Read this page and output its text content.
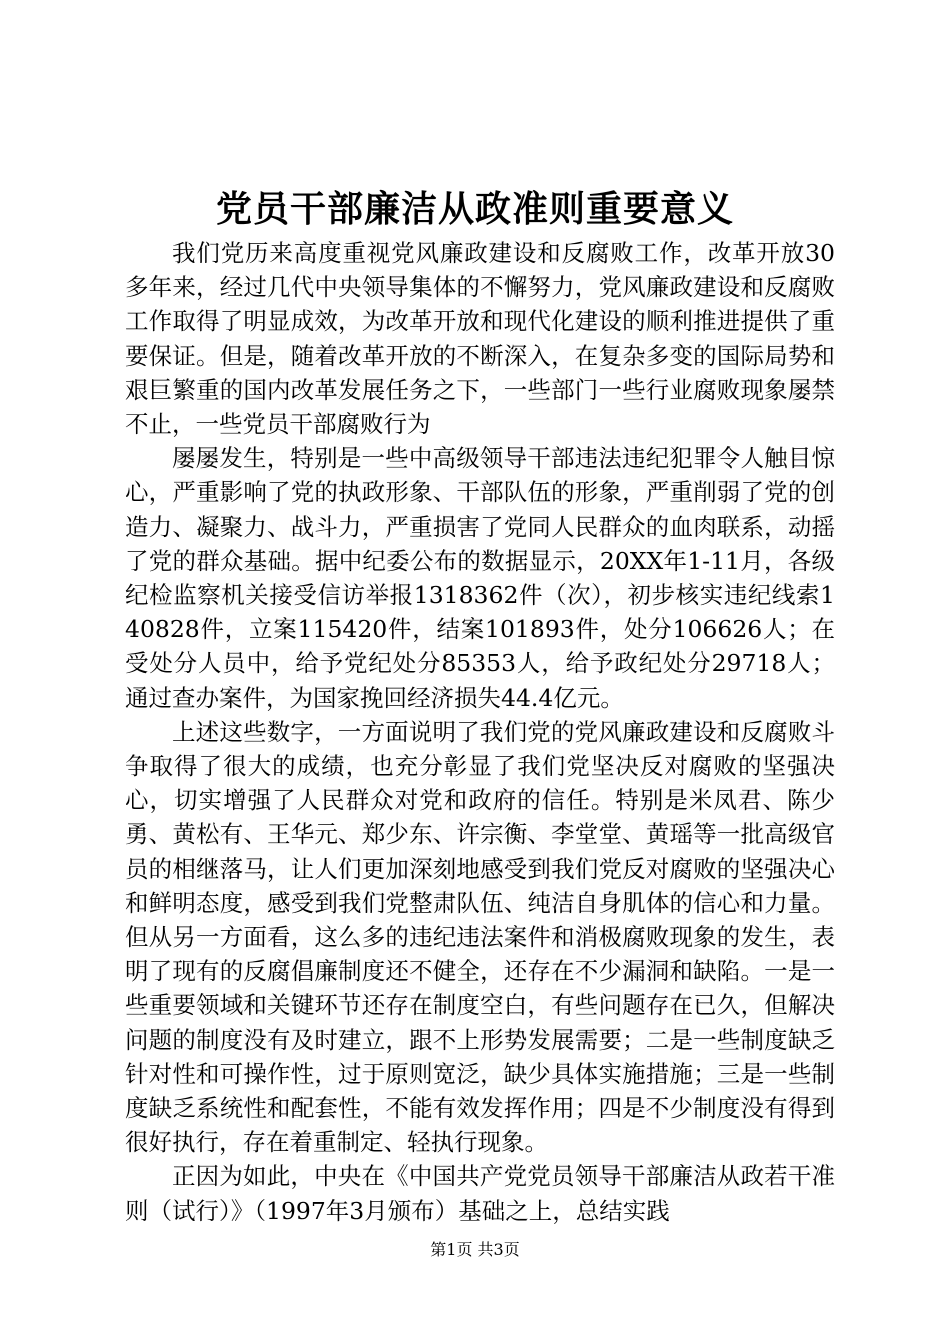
党员干部廉洁从政准则重要意义

我们党历来高度重视党风廉政建设和反腐败工作，改革开放30多年来，经过几代中央领导集体的不懈努力，党风廉政建设和反腐败工作取得了明显成效，为改革开放和现代化建设的顺利推进提供了重要保证。但是，随着改革开放的不断深入，在复杂多变的国际局势和艰巨繁重的国内改革发展任务之下，一些部门一些行业腐败现象屡禁不止，一些党员干部腐败行为

屡屡发生，特别是一些中高级领导干部违法违纪犯罪令人触目惊心，严重影响了党的执政形象、干部队伍的形象，严重削弱了党的创造力、凝聚力、战斗力，严重损害了党同人民群众的血肉联系，动摇了党的群众基础。据中纪委公布的数据显示，20XX年1-11月，各级纪检监察机关接受信访举报1318362件（次），初步核实违纪线索140828件，立案115420件，结案101893件，处分106626人；在受处分人员中，给予党纪处分85353人，给予政纪处分29718人；通过查办案件，为国家挽回经济损失44.4亿元。

上述这些数字，一方面说明了我们党的党风廉政建设和反腐败斗争取得了很大的成绩，也充分彰显了我们党坚决反对腐败的坚强决心，切实增强了人民群众对党和政府的信任。特别是米凤君、陈少勇、黄松有、王华元、郑少东、许宗衡、李堂堂、黄瑶等一批高级官员的相继落马，让人们更加深刻地感受到我们党反对腐败的坚强决心和鲜明态度，感受到我们党整肃队伍、纯洁自身肌体的信心和力量。但从另一方面看，这么多的违纪违法案件和消极腐败现象的发生，表明了现有的反腐倡廉制度还不健全，还存在不少漏洞和缺陷。一是一些重要领域和关键环节还存在制度空白，有些问题存在已久，但解决问题的制度没有及时建立，跟不上形势发展需要；二是一些制度缺乏针对性和可操作性，过于原则宽泛，缺少具体实施措施；三是一些制度缺乏系统性和配套性，不能有效发挥作用；四是不少制度没有得到很好执行，存在着重制定、轻执行现象。

正因为如此，中央在《中国共产党党员领导干部廉洁从政若干准则（试行）》（1997年3月颁布）基础之上，总结实践

第1页 共3页
